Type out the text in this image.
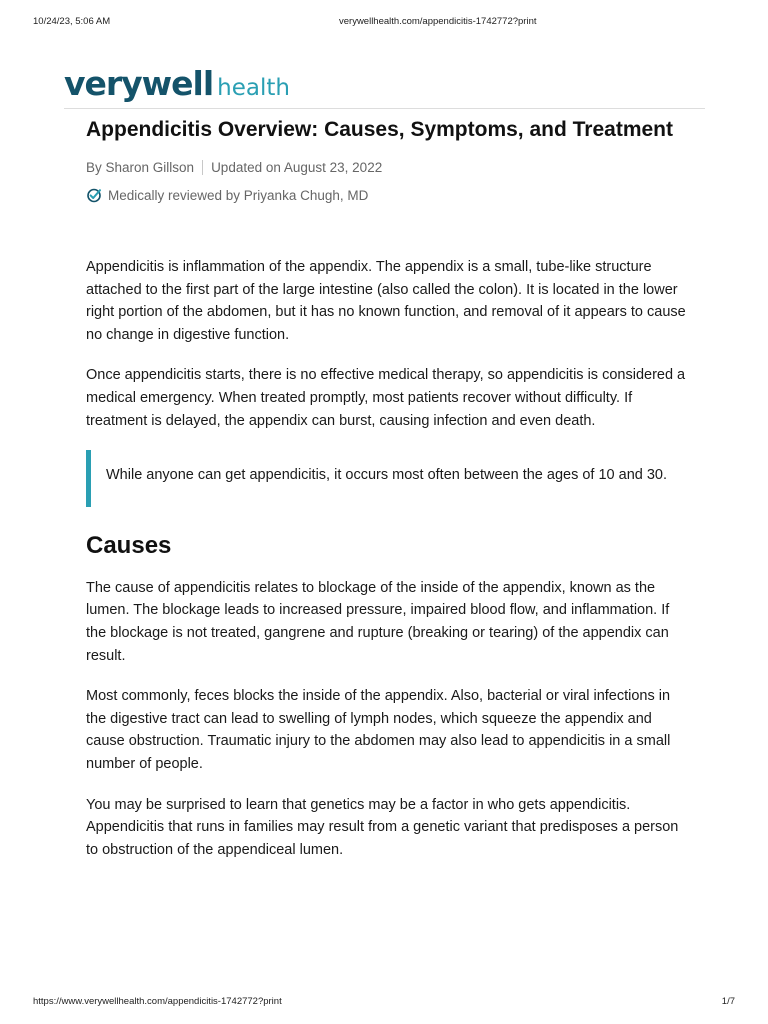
10/24/23, 5:06 AM	verywellhealth.com/appendicitis-1742772?print
verywell health
Appendicitis Overview: Causes, Symptoms, and Treatment
By Sharon Gillson Updated on August 23, 2022
Medically reviewed by Priyanka Chugh, MD

Appendicitis is inflammation of the appendix. The appendix is a small, tube-like structure attached to the first part of the large intestine (also called the colon). It is located in the lower right portion of the abdomen, but it has no known function, and removal of it appears to cause no change in digestive function.

Once appendicitis starts, there is no effective medical therapy, so appendicitis is considered a medical emergency. When treated promptly, most patients recover without difficulty. If treatment is delayed, the appendix can burst, causing infection and even death.

While anyone can get appendicitis, it occurs most often between the ages of 10 and 30.

Causes

The cause of appendicitis relates to blockage of the inside of the appendix, known as the lumen. The blockage leads to increased pressure, impaired blood flow, and inflammation. If the blockage is not treated, gangrene and rupture (breaking or tearing) of the appendix can result.

Most commonly, feces blocks the inside of the appendix. Also, bacterial or viral infections in the digestive tract can lead to swelling of lymph nodes, which squeeze the appendix and cause obstruction. Traumatic injury to the abdomen may also lead to appendicitis in a small number of people.

You may be surprised to learn that genetics may be a factor in who gets appendicitis. Appendicitis that runs in families may result from a genetic variant that predisposes a person to obstruction of the appendiceal lumen.

https://www.verywellhealth.com/appendicitis-1742772?print	1/7
